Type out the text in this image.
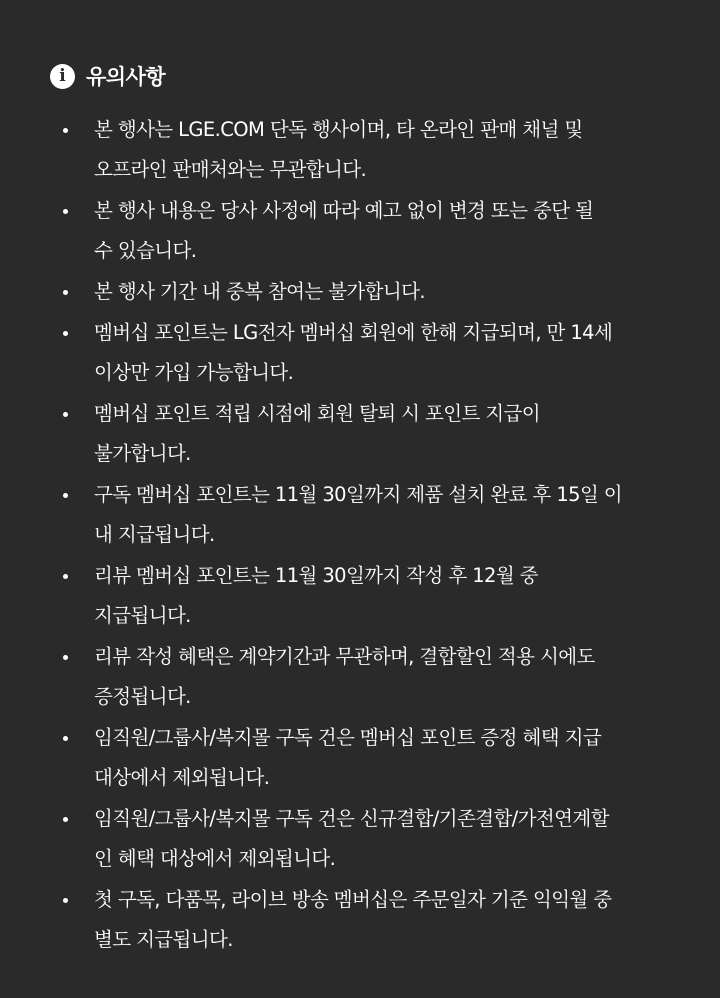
i 유의사항
본 행사는 LGE.COM 단독 행사이며, 타 온라인 판매 채널 및
오프라인 판매처와는 무관합니다.
본 행사 내용은 당사 사정에 따라 예고 없이 변경 또는 중단 될
수 있습니다.
본 행사 기간 내 중복 참여는 불가합니다.
멤버십 포인트는 LG전자 멤버십 회원에 한해 지급되며, 만 14세
이상만 가입 가능합니다.
멤버십 포인트 적립 시점에 회원 탈퇴 시 포인트 지급이
불가합니다.
구독 멤버십 포인트는 11월 30일까지 제품 설치 완료 후 15일 이
내 지급됩니다.
리뷰 멤버십 포인트는 11월 30일까지 작성 후 12월 중
지급됩니다.
리뷰 작성 혜택은 계약기간과 무관하며, 결합할인 적용 시에도
증정됩니다.
임직원/그룹사/복지몰 구독 건은 멤버십 포인트 증정 혜택 지급
대상에서 제외됩니다.
임직원/그룹사/복지몰 구독 건은 신규결합/기존결합/가전연계할
인 혜택 대상에서 제외됩니다.
첫 구독, 다품목, 라이브 방송 멤버십은 주문일자 기준 익익월 중
별도 지급됩니다.
